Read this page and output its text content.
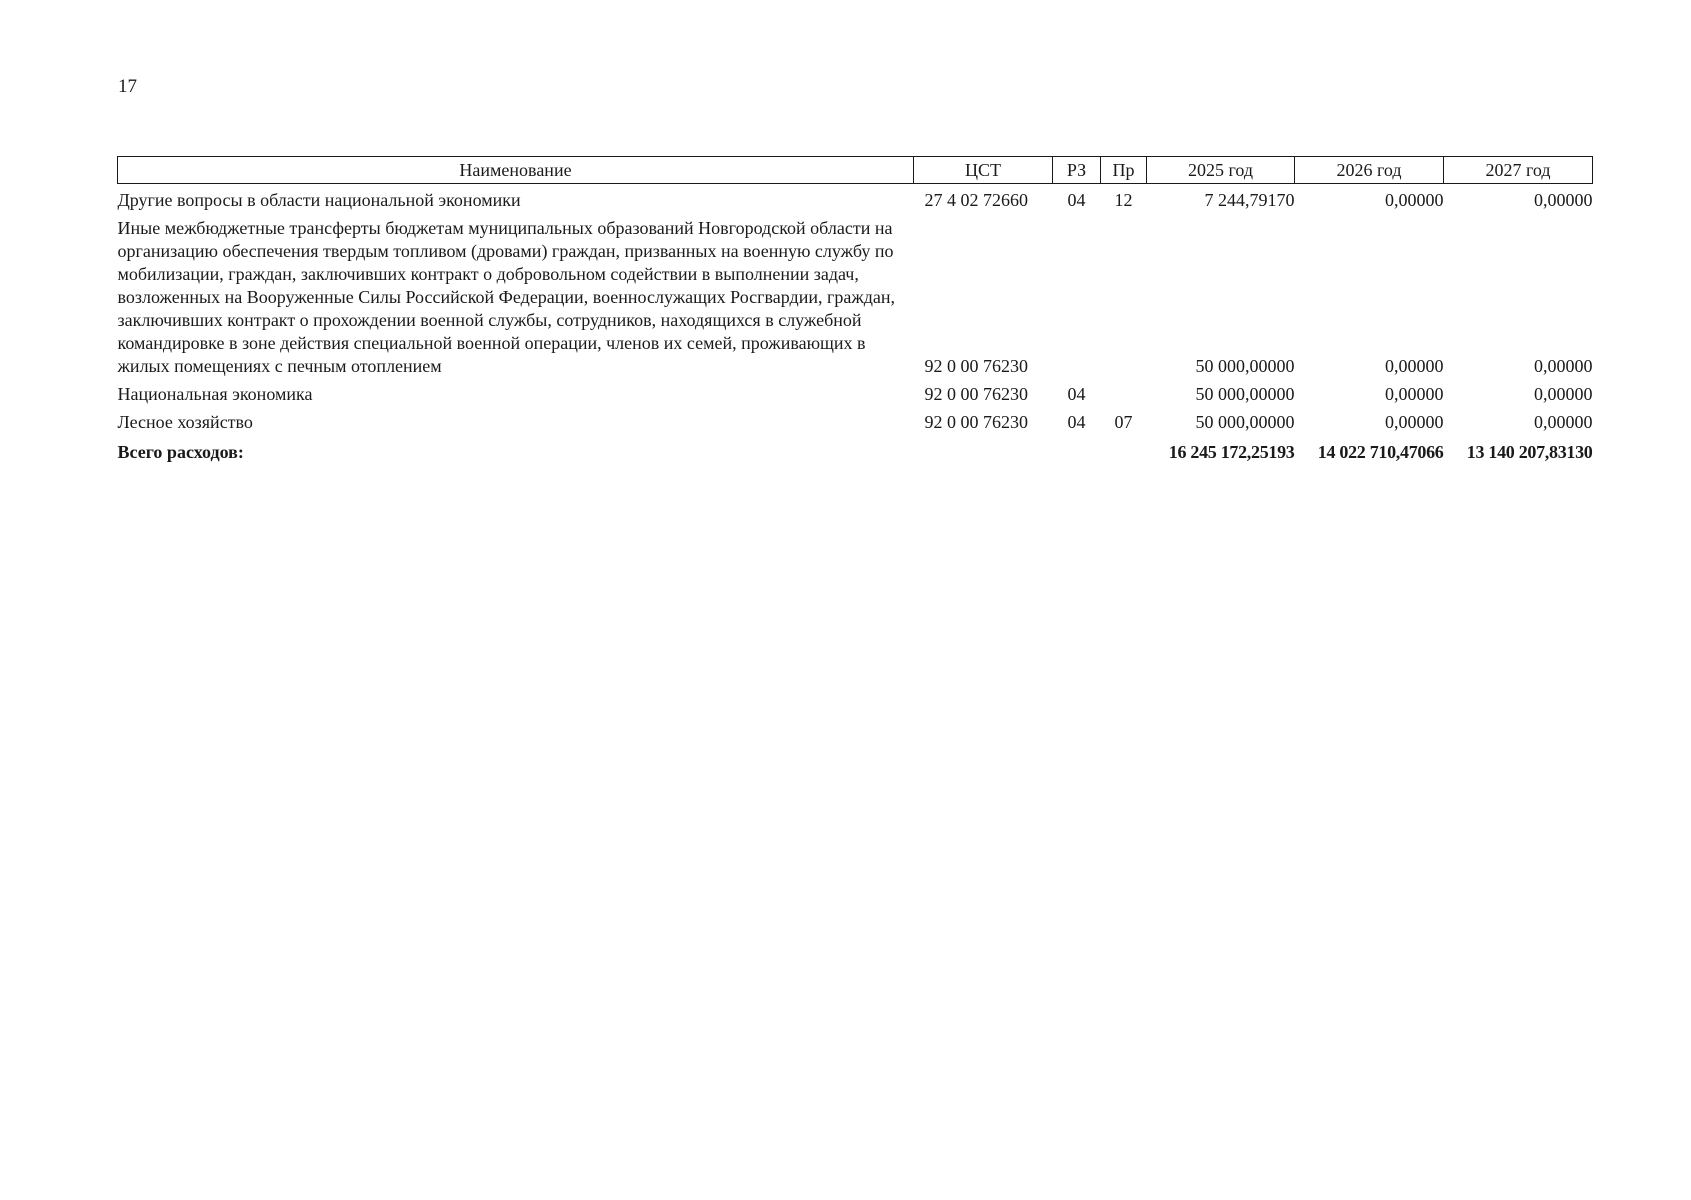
17
Наименование	ЦСТ	РЗ	Пр	2025 год	2026 год	2027 год
Другие вопросы в области национальной экономики	27 4 02 72660	04	12	7 244,79170	0,00000	0,00000
Иные межбюджетные трансферты бюджетам муниципальных образований Новгородской области на организацию обеспечения твердым топливом (дровами) граждан, призванных на военную службу по мобилизации, граждан, заключивших контракт о добровольном содействии в выполнении задач, возложенных на Вооруженные Силы Российской Федерации, военнослужащих Росгвардии, граждан, заключивших контракт о прохождении военной службы, сотрудников, находящихся в служебной командировке в зоне действия специальной военной операции, членов их семей, проживающих в жилых помещениях с печным отоплением	92 0 00 76230			50 000,00000	0,00000	0,00000
Национальная экономика	92 0 00 76230	04		50 000,00000	0,00000	0,00000
Лесное хозяйство	92 0 00 76230	04	07	50 000,00000	0,00000	0,00000
Всего расходов:				16 245 172,25193	14 022 710,47066	13 140 207,83130
